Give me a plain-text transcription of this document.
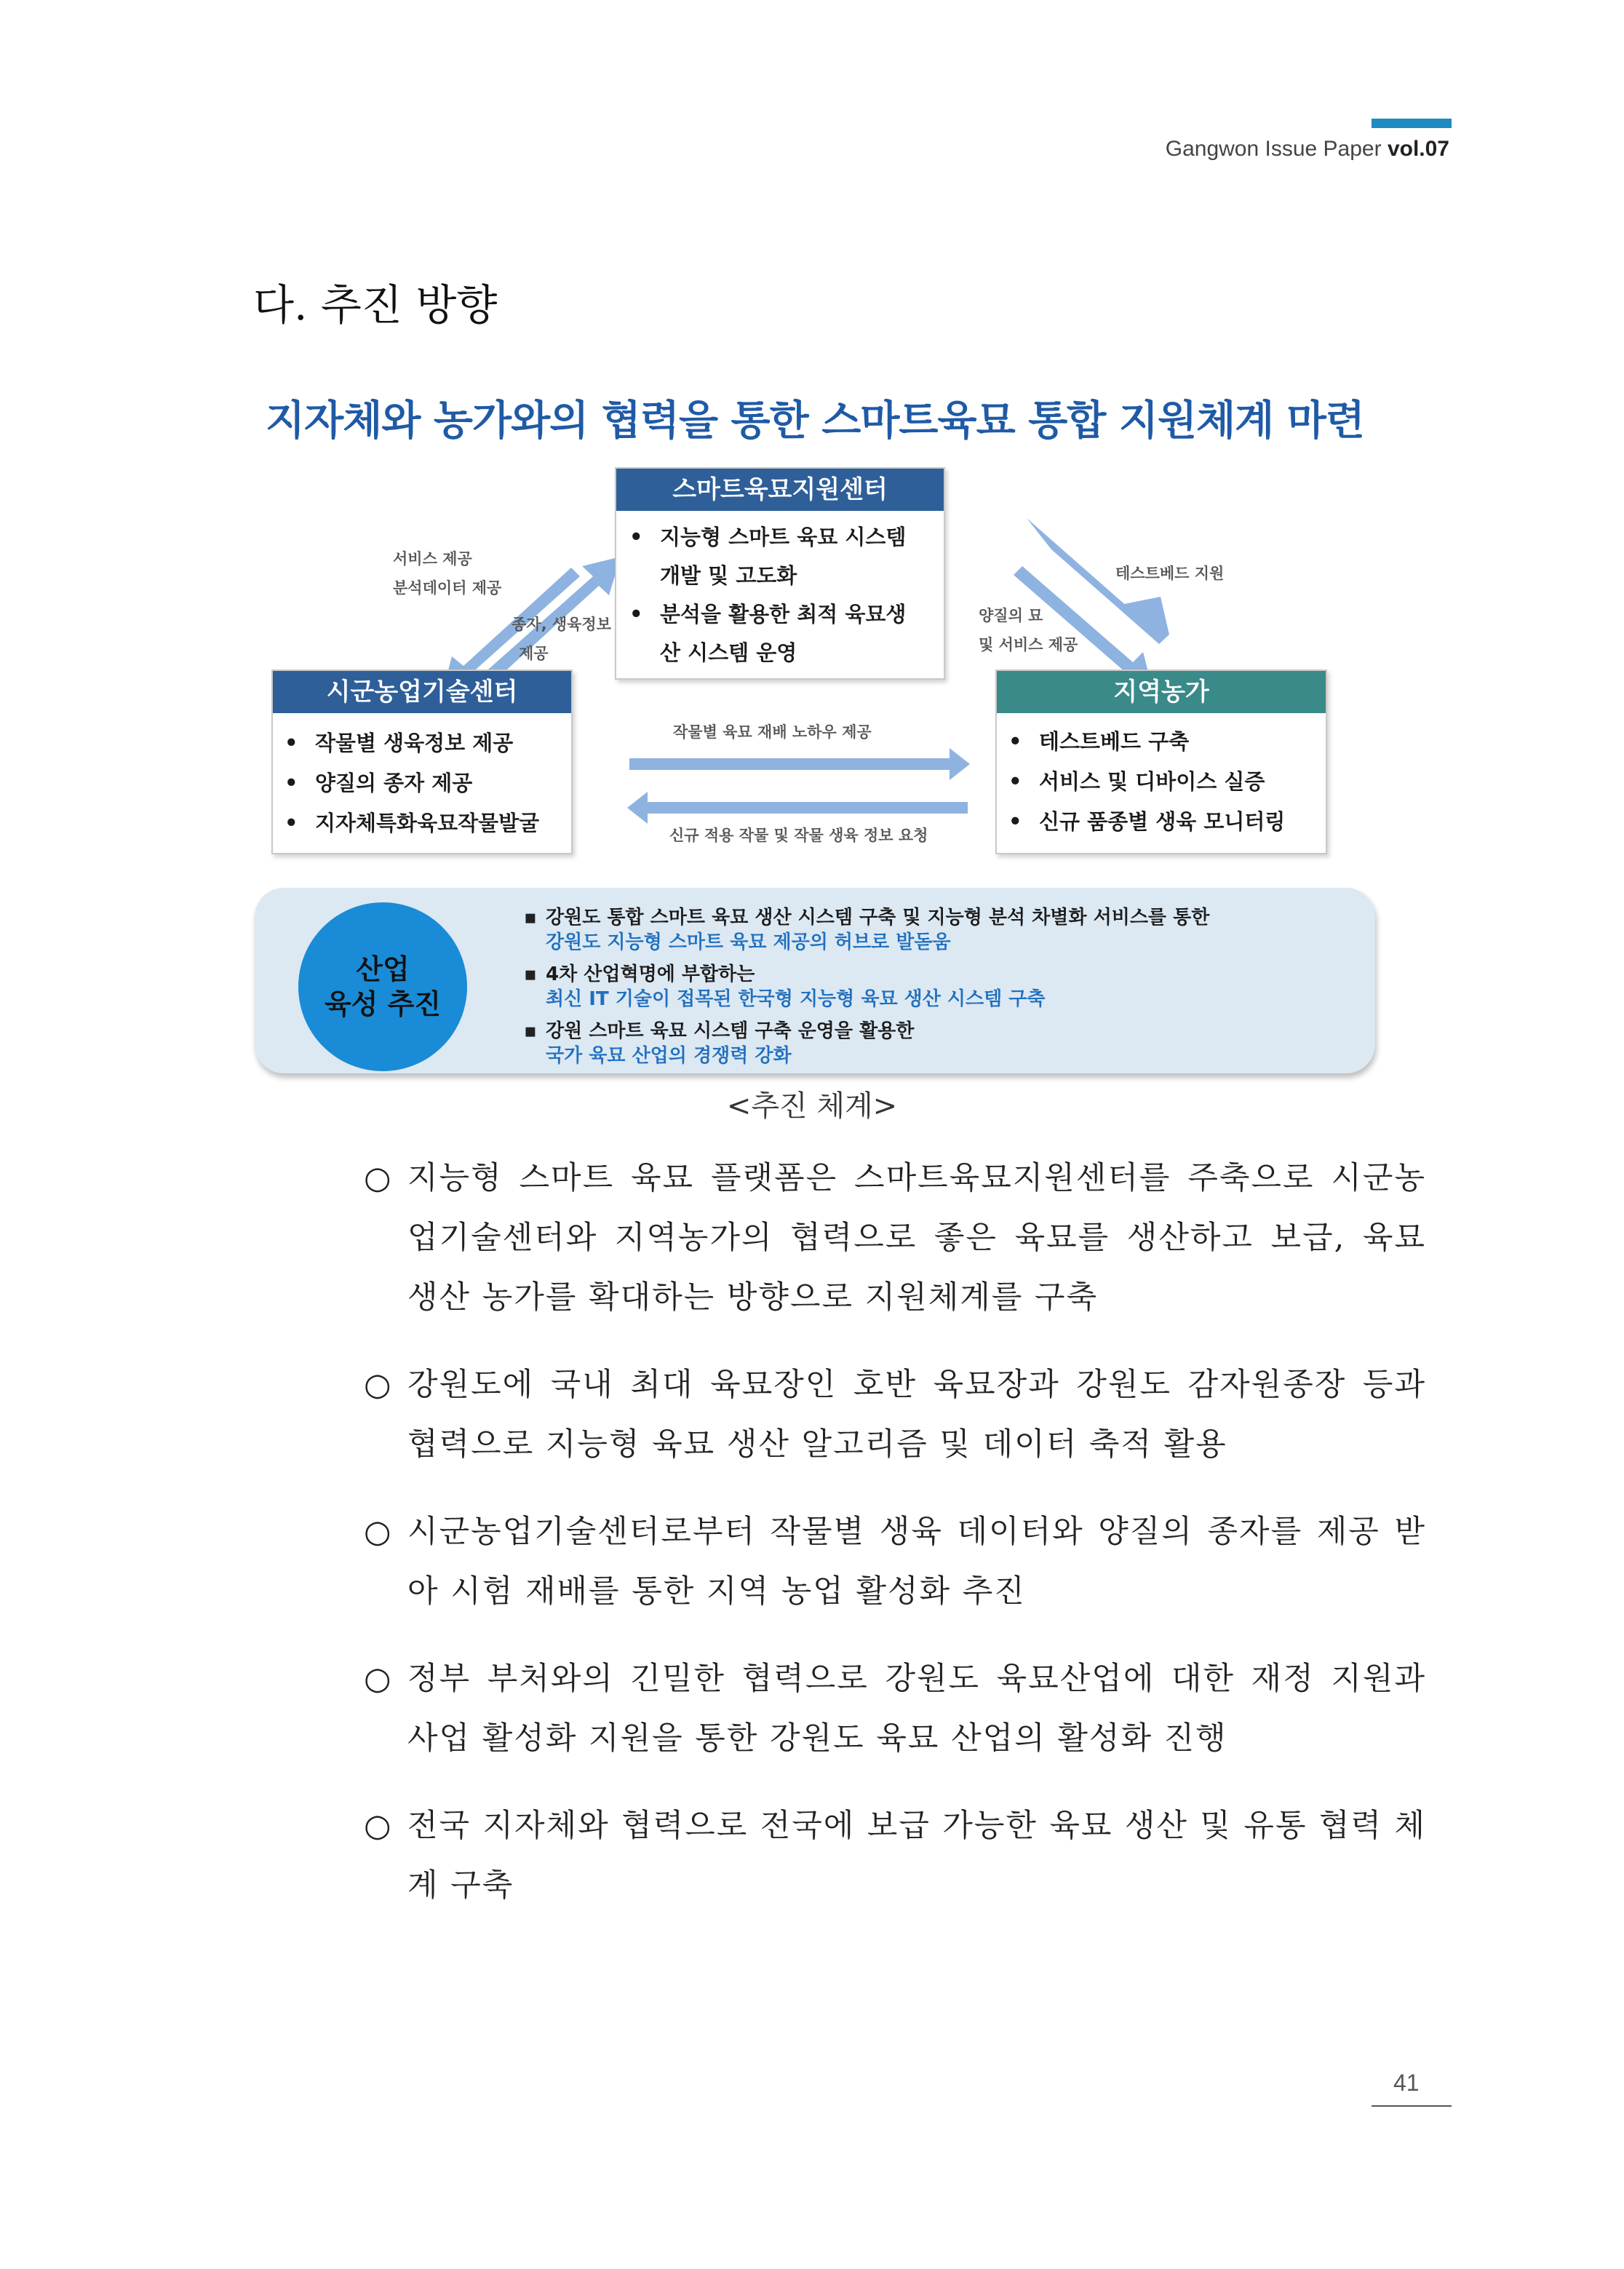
Gangwon Issue Paper vol.07
다. 추진 방향
지자체와 농가와의 협력을 통한 스마트육묘 통합 지원체계 마련
서비스 제공
분석데이터 제공
종자, 생육정보
제공
테스트베드 지원
양질의 묘
및 서비스 제공
작물별 육묘 재배 노하우 제공
신규 적용 작물 및 작물 생육 정보 요청
스마트육묘지원센터
• 지능형 스마트 육묘 시스템
개발 및 고도화
• 분석을 활용한 최적 육묘생
산 시스템 운영
시군농업기술센터
• 작물별 생육정보 제공
• 양질의 종자 제공
• 지자체특화육묘작물발굴
지역농가
• 테스트베드 구축
• 서비스 및 디바이스 실증
• 신규 품종별 생육 모니터링
산업
육성 추진
▪ 강원도 통합 스마트 육묘 생산 시스템 구축 및 지능형 분석 차별화 서비스를 통한
강원도 지능형 스마트 육묘 제공의 허브로 발돋움
▪ 4차 산업혁명에 부합하는
최신 IT 기술이 접목된 한국형 지능형 육묘 생산 시스템 구축
▪ 강원 스마트 육묘 시스템 구축 운영을 활용한
국가 육묘 산업의 경쟁력 강화
<추진 체계>
○ 지능형 스마트 육묘 플랫폼은 스마트육묘지원센터를 주축으로 시군농업기술센터와 지역농가의 협력으로 좋은 육묘를 생산하고 보급, 육묘 생산 농가를 확대하는 방향으로 지원체계를 구축
○ 강원도에 국내 최대 육묘장인 호반 육묘장과 강원도 감자원종장 등과 협력으로 지능형 육묘 생산 알고리즘 및 데이터 축적 활용
○ 시군농업기술센터로부터 작물별 생육 데이터와 양질의 종자를 제공 받아 시험 재배를 통한 지역 농업 활성화 추진
○ 정부 부처와의 긴밀한 협력으로 강원도 육묘산업에 대한 재정 지원과 사업 활성화 지원을 통한 강원도 육묘 산업의 활성화 진행
○ 전국 지자체와 협력으로 전국에 보급 가능한 육묘 생산 및 유통 협력 체계 구축
41
